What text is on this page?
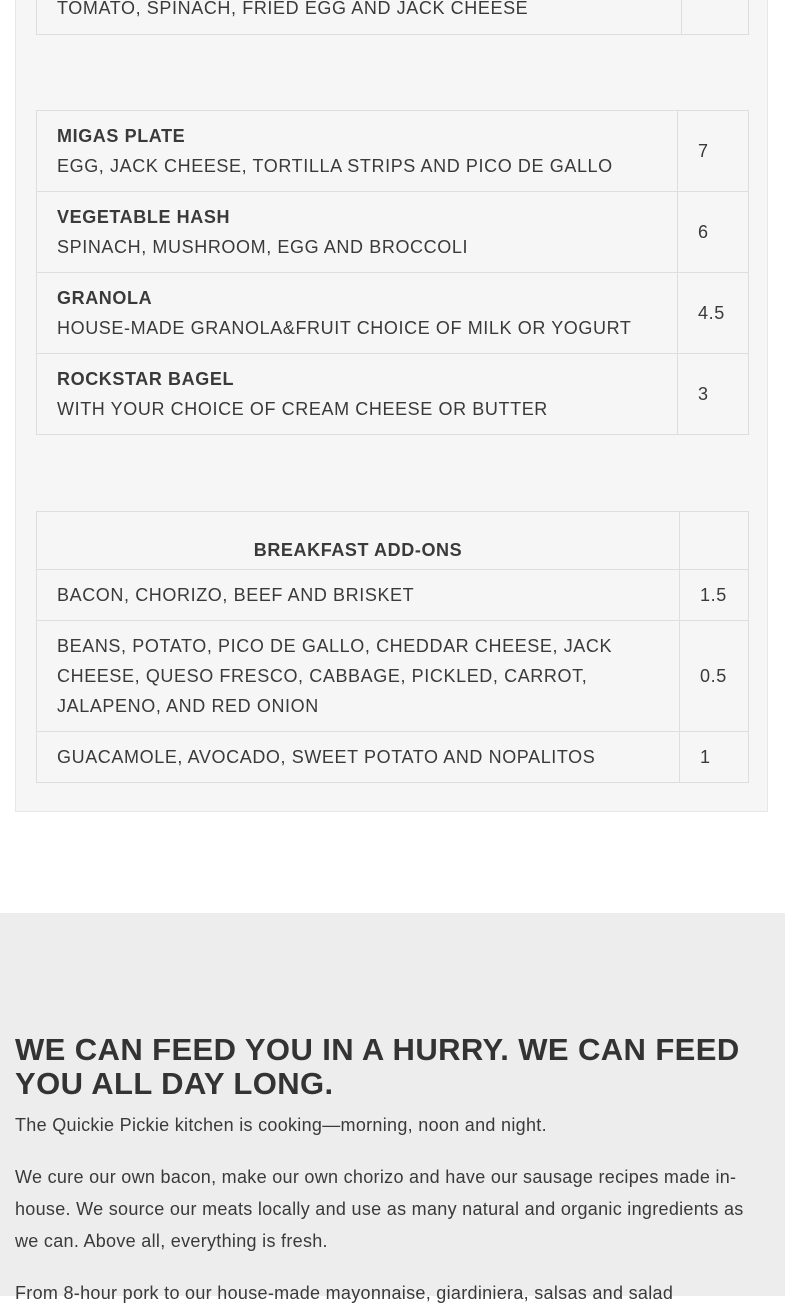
TOMATO, SPINACH, FRIED EGG AND JACK CHEESE

MIGAS PLATE
EGG, JACK CHEESE, TORTILLA STRIPS AND PICO DE GALLO	7

VEGETABLE HASH
SPINACH, MUSHROOM, EGG AND BROCCOLI	6

GRANOLA
HOUSE-MADE GRANOLA&FRUIT CHOICE OF MILK OR YOGURT	4.5

ROCKSTAR BAGEL
WITH YOUR CHOICE OF CREAM CHEESE OR BUTTER	3
BREAKFAST ADD-ONS	
BACON, CHORIZO, BEEF AND BRISKET	1.5
BEANS, POTATO, PICO DE GALLO, CHEDDAR CHEESE, JACK CHEESE, QUESO FRESCO, CABBAGE, PICKLED, CARROT, JALAPENO, AND RED ONION	0.5
GUACAMOLE, AVOCADO, SWEET POTATO AND NOPALITOS	1
WE CAN FEED YOU IN A HURRY. WE CAN FEED YOU ALL DAY LONG.

The Quickie Pickie kitchen is cooking—morning, noon and night.

We cure our own bacon, make our own chorizo and have our sausage recipes made in-house. We source our meats locally and use as many natural and organic ingredients as we can. Above all, everything is fresh.

From 8-hour pork to our house-made mayonnaise, giardiniera, salsas and salad
